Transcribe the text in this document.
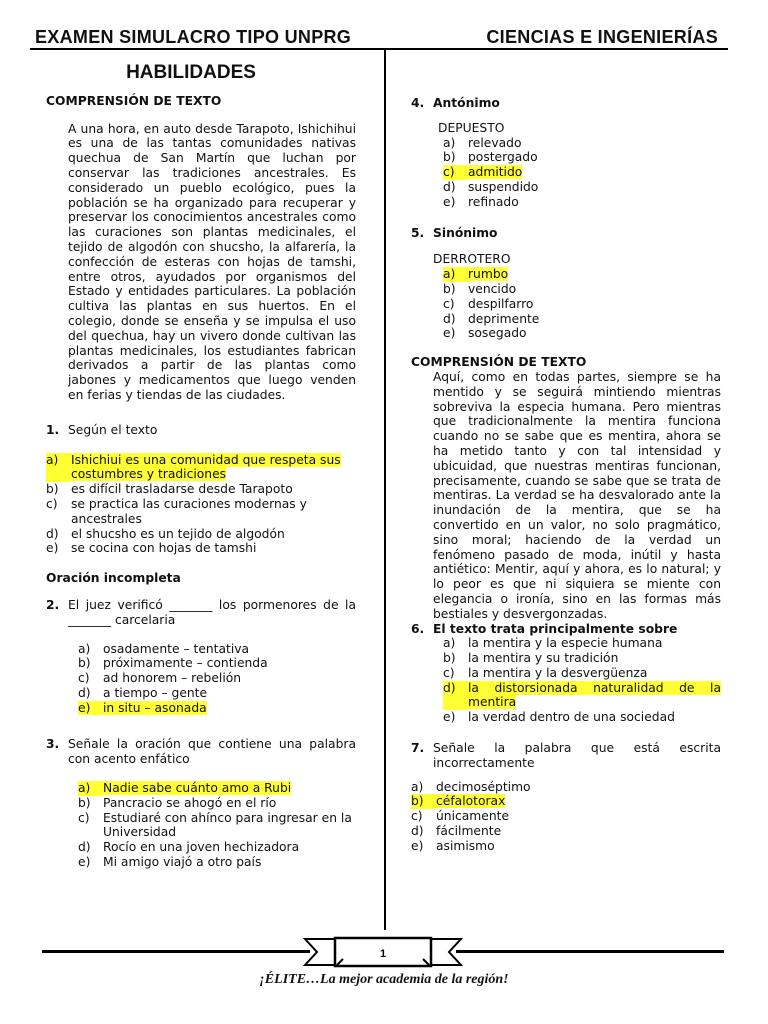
EXAMEN SIMULACRO TIPO UNPRG	CIENCIAS E INGENIERÍAS
HABILIDADES
COMPRENSIÓN DE TEXTO
A una hora, en auto desde Tarapoto, Ishichihui es una de las tantas comunidades nativas quechua de San Martín que luchan por conservar las tradiciones ancestrales. Es considerado un pueblo ecológico, pues la población se ha organizado para recuperar y preservar los conocimientos ancestrales como las curaciones son plantas medicinales, el tejido de algodón con shucsho, la alfarería, la confección de esteras con hojas de tamshi, entre otros, ayudados por organismos del Estado y entidades particulares. La población cultiva las plantas en sus huertos. En el colegio, donde se enseña y se impulsa el uso del quechua, hay un vivero donde cultivan las plantas medicinales, los estudiantes fabrican derivados a partir de las plantas como jabones y medicamentos que luego venden en ferias y tiendas de las ciudades.
1. Según el texto
a)	Ishichiui es una comunidad que respeta sus costumbres y tradiciones
b)	es difícil trasladarse desde Tarapoto
c)	se practica las curaciones modernas y ancestrales
d)	el shucsho es un tejido de algodón
e)	se cocina con hojas de tamshi
Oración incompleta
2. El juez verificó _______ los pormenores de la _______ carcelaria
a)	osadamente – tentativa
b)	próximamente – contienda
c)	ad honorem – rebelión
d)	a tiempo – gente
e)	in situ – asonada
3. Señale la oración que contiene una palabra con acento enfático
a)	Nadie sabe cuánto amo a Rubi
b)	Pancracio se ahogó en el río
c)	Estudiaré con ahínco para ingresar en la Universidad
d)	Rocío en una joven hechizadora
e)	Mi amigo viajó a otro país
4. Antónimo
DEPUESTO
a)	relevado
b)	postergado
c)	admitido
d)	suspendido
e)	refinado
5. Sinónimo
DERROTERO
a)	rumbo
b)	vencido
c)	despilfarro
d)	deprimente
e)	sosegado
COMPRENSIÓN DE TEXTO
Aquí, como en todas partes, siempre se ha mentido y se seguirá mintiendo mientras sobreviva la especia humana. Pero mientras que tradicionalmente la mentira funciona cuando no se sabe que es mentira, ahora se ha metido tanto y con tal intensidad y ubicuidad, que nuestras mentiras funcionan, precisamente, cuando se sabe que se trata de mentiras. La verdad se ha desvalorado ante la inundación de la mentira, que se ha convertido en un valor, no solo pragmático, sino moral; haciendo de la verdad un fenómeno pasado de moda, inútil y hasta antiético: Mentir, aquí y ahora, es lo natural; y lo peor es que ni siquiera se miente con elegancia o ironía, sino en las formas más bestiales y desvergonzadas.
6. El texto trata principalmente sobre
a)	la mentira y la especie humana
b)	la mentira y su tradición
c)	la mentira y la desvergüenza
d)	la distorsionada naturalidad de la mentira
e)	la verdad dentro de una sociedad
7. Señale la palabra que está escrita incorrectamente
a)	decimoséptimo
b)	céfalotorax
c)	únicamente
d)	fácilmente
e)	asimismo
1
¡ÉLITE…La mejor academia de la región!
